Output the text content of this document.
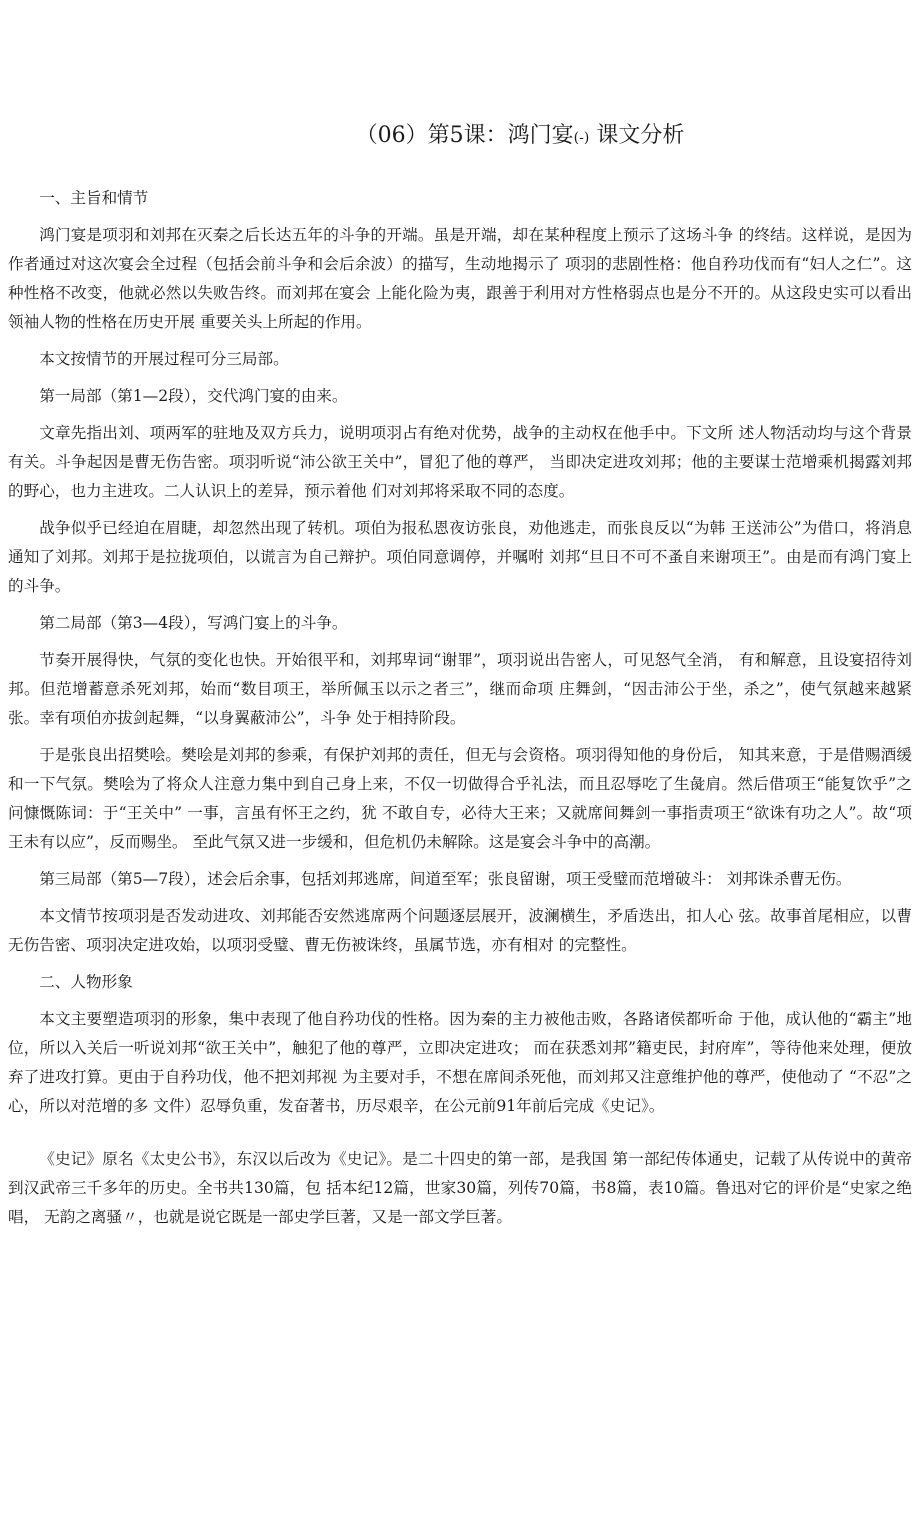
（06）第5课：鸿门宴(-) 课文分析
一、主旨和情节

鸿门宴是项羽和刘邦在灭秦之后长达五年的斗争的开端。虽是开端，却在某种程度上预示了这场斗争 的终结。这样说，是因为作者通过对这次宴会全过程（包括会前斗争和会后余波）的描写，生动地揭示了 项羽的悲剧性格：他自矜功伐而有“妇人之仁”。这种性格不改变，他就必然以失败告终。而刘邦在宴会 上能化险为夷，跟善于利用对方性格弱点也是分不开的。从这段史实可以看出领袖人物的性格在历史开展 重要关头上所起的作用。

本文按情节的开展过程可分三局部。

第一局部（第1—2段），交代鸿门宴的由来。

文章先指出刘、项两军的驻地及双方兵力，说明项羽占有绝对优势，战争的主动权在他手中。下文所 述人物活动均与这个背景有关。斗争起因是曹无伤告密。项羽听说“沛公欲王关中”，冒犯了他的尊严， 当即决定进攻刘邦；他的主要谋士范增乘机揭露刘邦的野心，也力主进攻。二人认识上的差异，预示着他 们对刘邦将采取不同的态度。

战争似乎已经迫在眉睫，却忽然出现了转机。项伯为报私恩夜访张良，劝他逃走，而张良反以“为韩 王送沛公”为借口，将消息通知了刘邦。刘邦于是拉拢项伯，以谎言为自己辩护。项伯同意调停，并嘱咐 刘邦“旦日不可不蚤自来谢项王”。由是而有鸿门宴上的斗争。

第二局部（第3—4段），写鸿门宴上的斗争。

节奏开展得快，气氛的变化也快。开始很平和，刘邦卑词“谢罪”，项羽说出告密人，可见怒气全消， 有和解意，且设宴招待刘邦。但范增蓄意杀死刘邦，始而“数目项王，举所佩玉以示之者三”，继而命项 庄舞剑，“因击沛公于坐，杀之”，使气氛越来越紧张。幸有项伯亦拔剑起舞，“以身翼蔽沛公”，斗争 处于相持阶段。

于是张良出招樊哙。樊哙是刘邦的参乘，有保护刘邦的责任，但无与会资格。项羽得知他的身份后， 知其来意，于是借赐酒缓和一下气氛。樊哙为了将众人注意力集中到自己身上来，不仅一切做得合乎礼法，而且忍辱吃了生彘肩。然后借项王“能复饮乎”之问慷慨陈词：于“王关中” 一事，言虽有怀王之约，犹 不敢自专，必待大王来；又就席间舞剑一事指责项王“欲诛有功之人”。故“项王未有以应”，反而赐坐。 至此气氛又进一步缓和，但危机仍未解除。这是宴会斗争中的高潮。

第三局部（第5—7段），述会后余事，包括刘邦逃席，间道至军；张良留谢，项王受璧而范增破斗： 刘邦诛杀曹无伤。

本文情节按项羽是否发动进攻、刘邦能否安然逃席两个问题逐层展开，波澜横生，矛盾迭出，扣人心 弦。故事首尾相应，以曹无伤告密、项羽决定进攻始，以项羽受璧、曹无伤被诛终，虽属节选，亦有相对 的完整性。

二、人物形象

本文主要塑造项羽的形象，集中表现了他自矜功伐的性格。因为秦的主力被他击败，各路诸侯都听命 于他，成认他的“霸主”地位，所以入关后一听说刘邦“欲王关中”，触犯了他的尊严，立即决定进攻； 而在获悉刘邦”籍吏民，封府库”，等待他来处理，便放弃了进攻打算。更由于自矜功伐，他不把刘邦视 为主要对手，不想在席间杀死他，而刘邦又注意维护他的尊严，使他动了 “不忍”之心，所以对范增的多 文件）忍辱负重，发奋著书，历尽艰辛，在公元前91年前后完成《史记》。

《史记》原名《太史公书》，东汉以后改为《史记》。是二十四史的第一部，是我国 第一部纪传体通史，记载了从传说中的黄帝到汉武帝三千多年的历史。全书共130篇，包 括本纪12篇，世家30篇，列传70篇，书8篇，表10篇。鲁迅对它的评价是“史家之绝唱， 无韵之离骚〃，也就是说它既是一部史学巨著，又是一部文学巨著。
